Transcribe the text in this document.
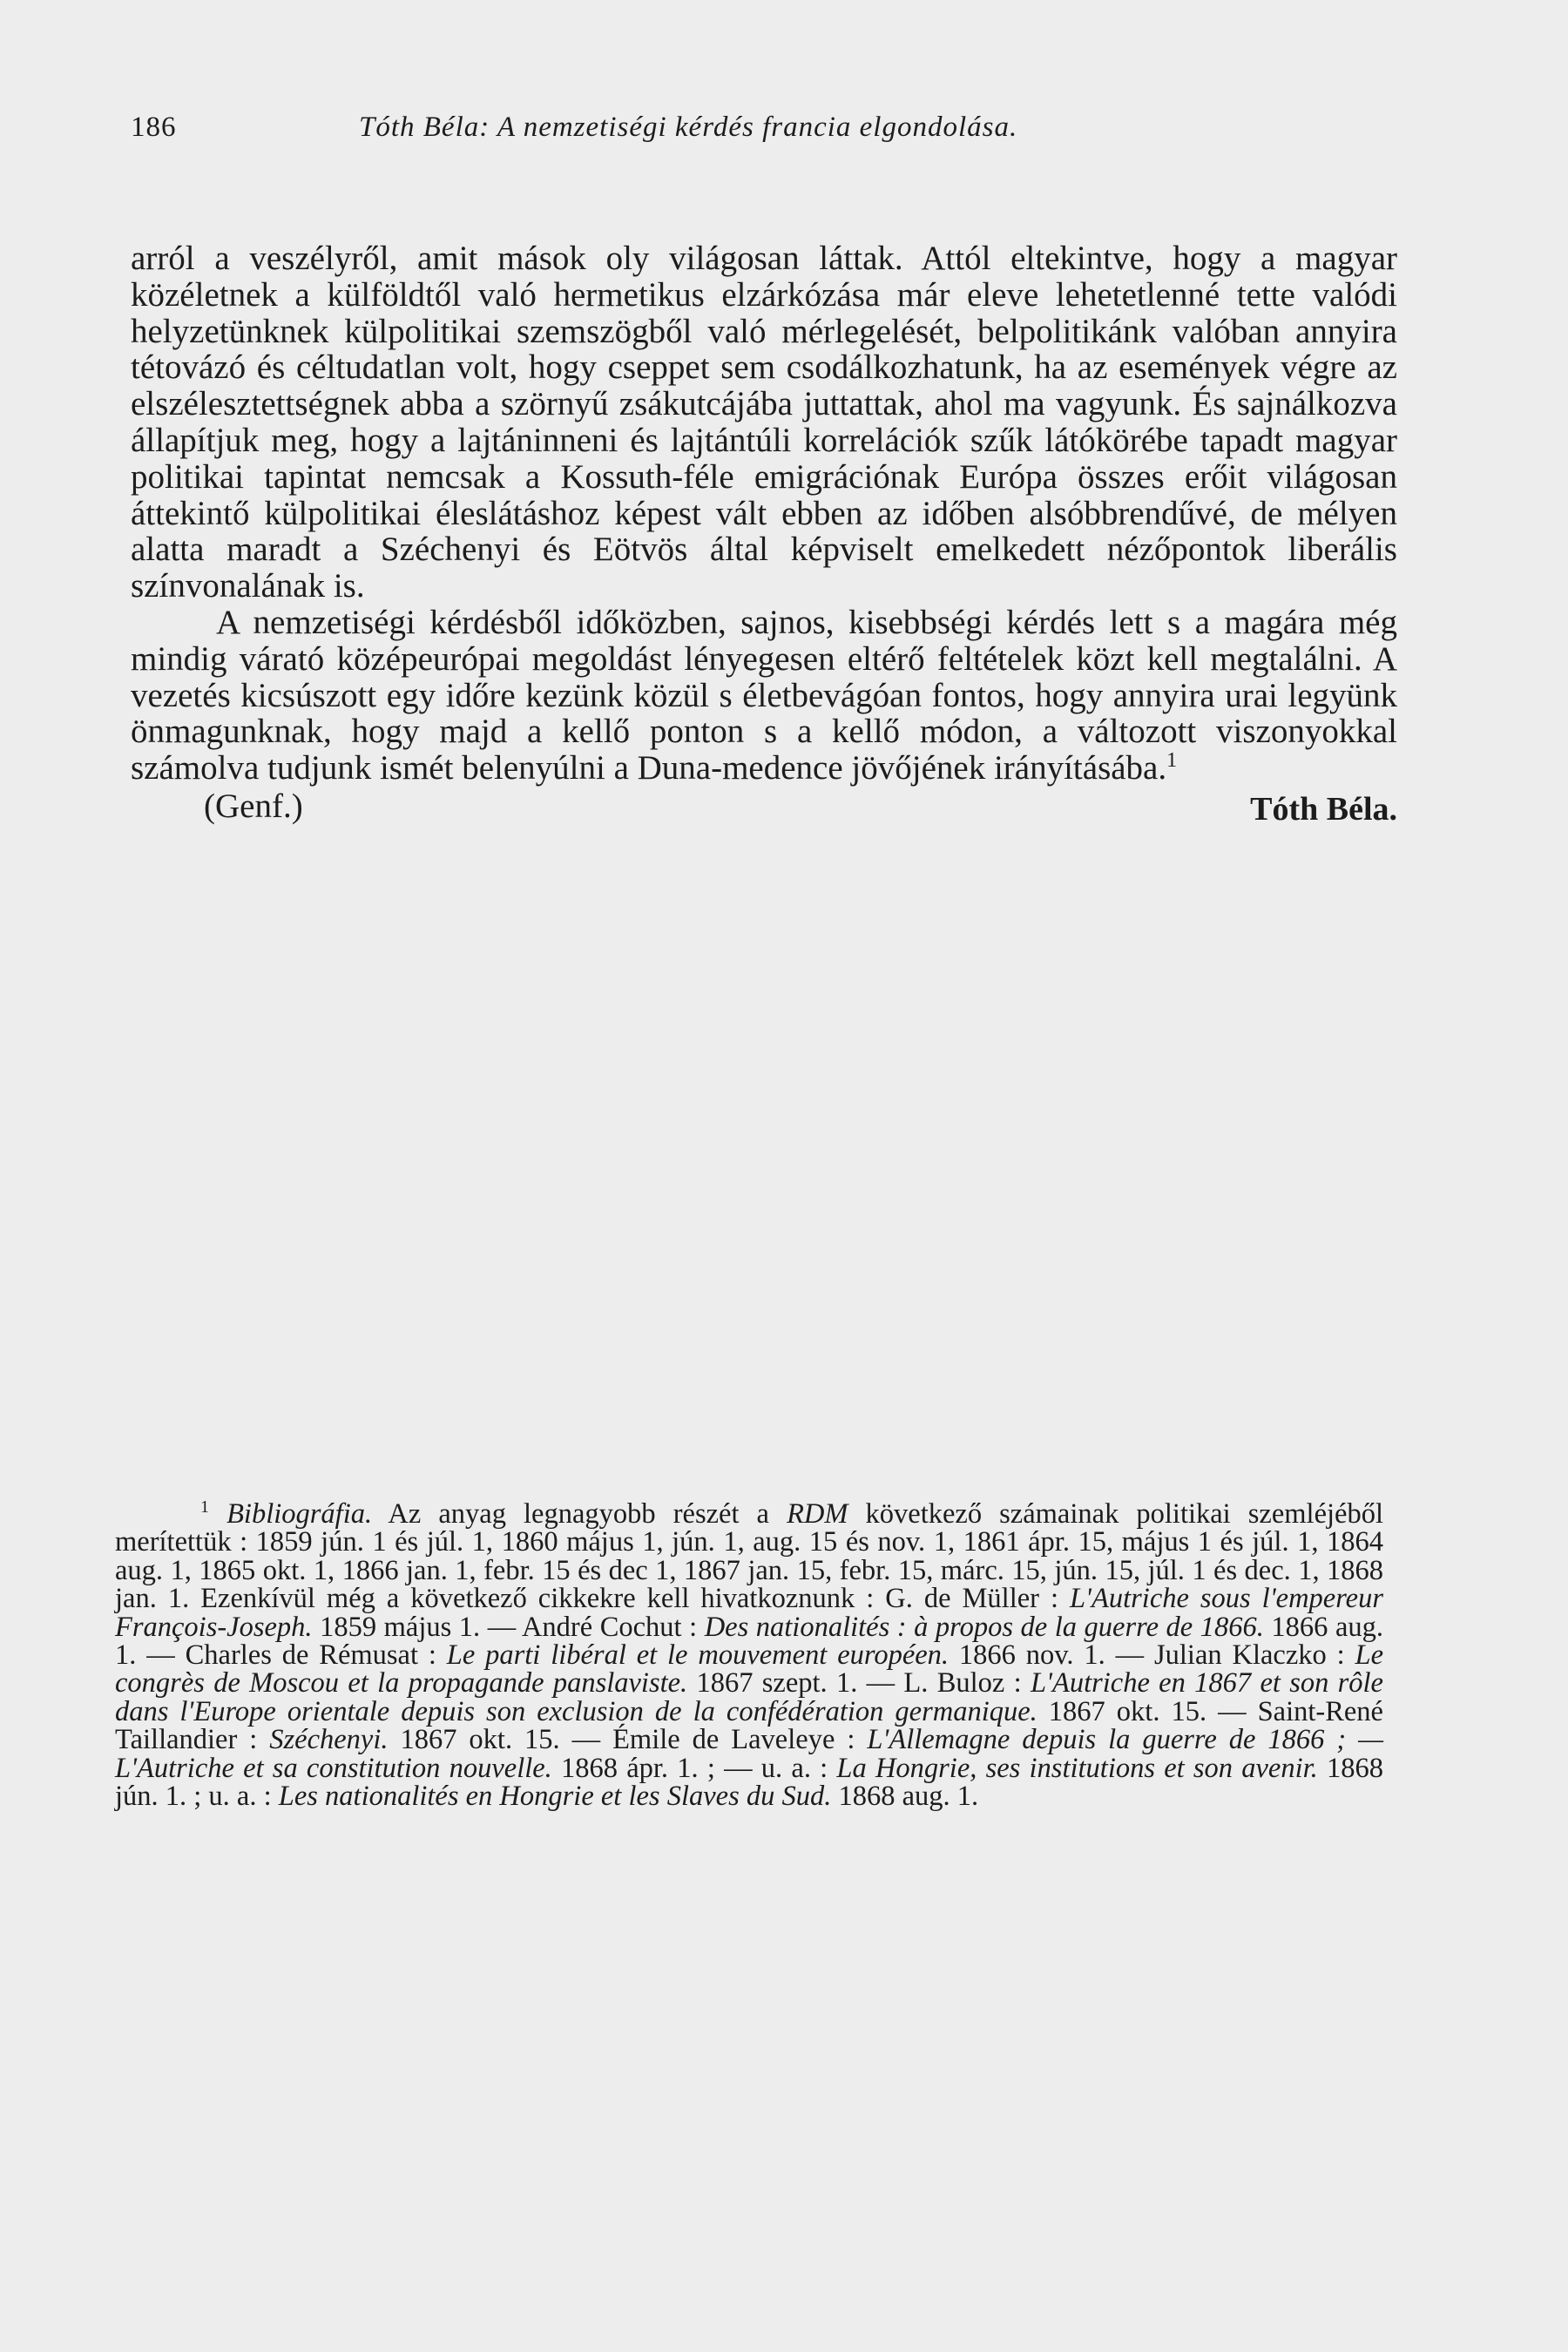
186	Tóth Béla: A nemzetiségi kérdés francia elgondolása.

arról a veszélyről, amit mások oly világosan láttak. Attól eltekintve, hogy a magyar közéletnek a külföldtől való hermetikus elzárkózása már eleve lehetetlenné tette valódi helyzetünknek külpolitikai szemszögből való mérlegelését, belpolitikánk valóban annyira tétovázó és céltudatlan volt, hogy cseppet sem csodálkozhatunk, ha az események végre az elszélesztettségnek abba a szörnyű zsákutcájába juttattak, ahol ma vagyunk. És sajnálkozva állapítjuk meg, hogy a lajtáninneni és lajtántúli korrelációk szűk látókörébe tapadt magyar politikai tapintat nemcsak a Kossuth-féle emigrációnak Európa összes erőit világosan áttekintő külpolitikai éleslátáshoz képest vált ebben az időben alsóbbrendűvé, de mélyen alatta maradt a Széchenyi és Eötvös által képviselt emelkedett nézőpontok liberális színvonalának is.

A nemzetiségi kérdésből időközben, sajnos, kisebbségi kérdés lett s a magára még mindig várató középeurópai megoldást lényegesen eltérő feltételek közt kell megtalálni. A vezetés kicsúszott egy időre kezünk közül s életbevágóan fontos, hogy annyira urai legyünk önmagunknak, hogy majd a kellő ponton s a kellő módon, a változott viszonyokkal számolva tudjunk ismét belenyúlni a Duna-medence jövőjének irányításába.$^1$

(Genf.)	Tóth Béla.

$^1$ Bibliográfia. Az anyag legnagyobb részét a RDM következő számainak politikai szemléjéből merítettük : 1859 jún. 1 és júl. 1, 1860 május 1, jún. 1, aug. 15 és nov. 1, 1861 ápr. 15, május 1 és júl. 1, 1864 aug. 1, 1865 okt. 1, 1866 jan. 1, febr. 15 és dec 1, 1867 jan. 15, febr. 15, márc. 15, jún. 15, júl. 1 és dec. 1, 1868 jan. 1. Ezenkívül még a következő cikkekre kell hivatkoznunk : G. de Müller : L'Autriche sous l'empereur François-Joseph. 1859 május 1. — André Cochut : Des nationalités : à propos de la guerre de 1866. 1866 aug. 1. — Charles de Rémusat : Le parti libéral et le mouvement européen. 1866 nov. 1. — Julian Klaczko : Le congrès de Moscou et la propagande panslaviste. 1867 szept. 1. — L. Buloz : L'Autriche en 1867 et son rôle dans l'Europe orientale depuis son exclusion de la confédération germanique. 1867 okt. 15. — Saint-René Taillandier : Széchenyi. 1867 okt. 15. — Émile de Laveleye : L'Allemagne depuis la guerre de 1866 ; — L'Autriche et sa constitution nouvelle. 1868 ápr. 1. ; — u. a. : La Hongrie, ses institutions et son avenir. 1868 jún. 1. ; u. a. : Les nationalités en Hongrie et les Slaves du Sud. 1868 aug. 1.
